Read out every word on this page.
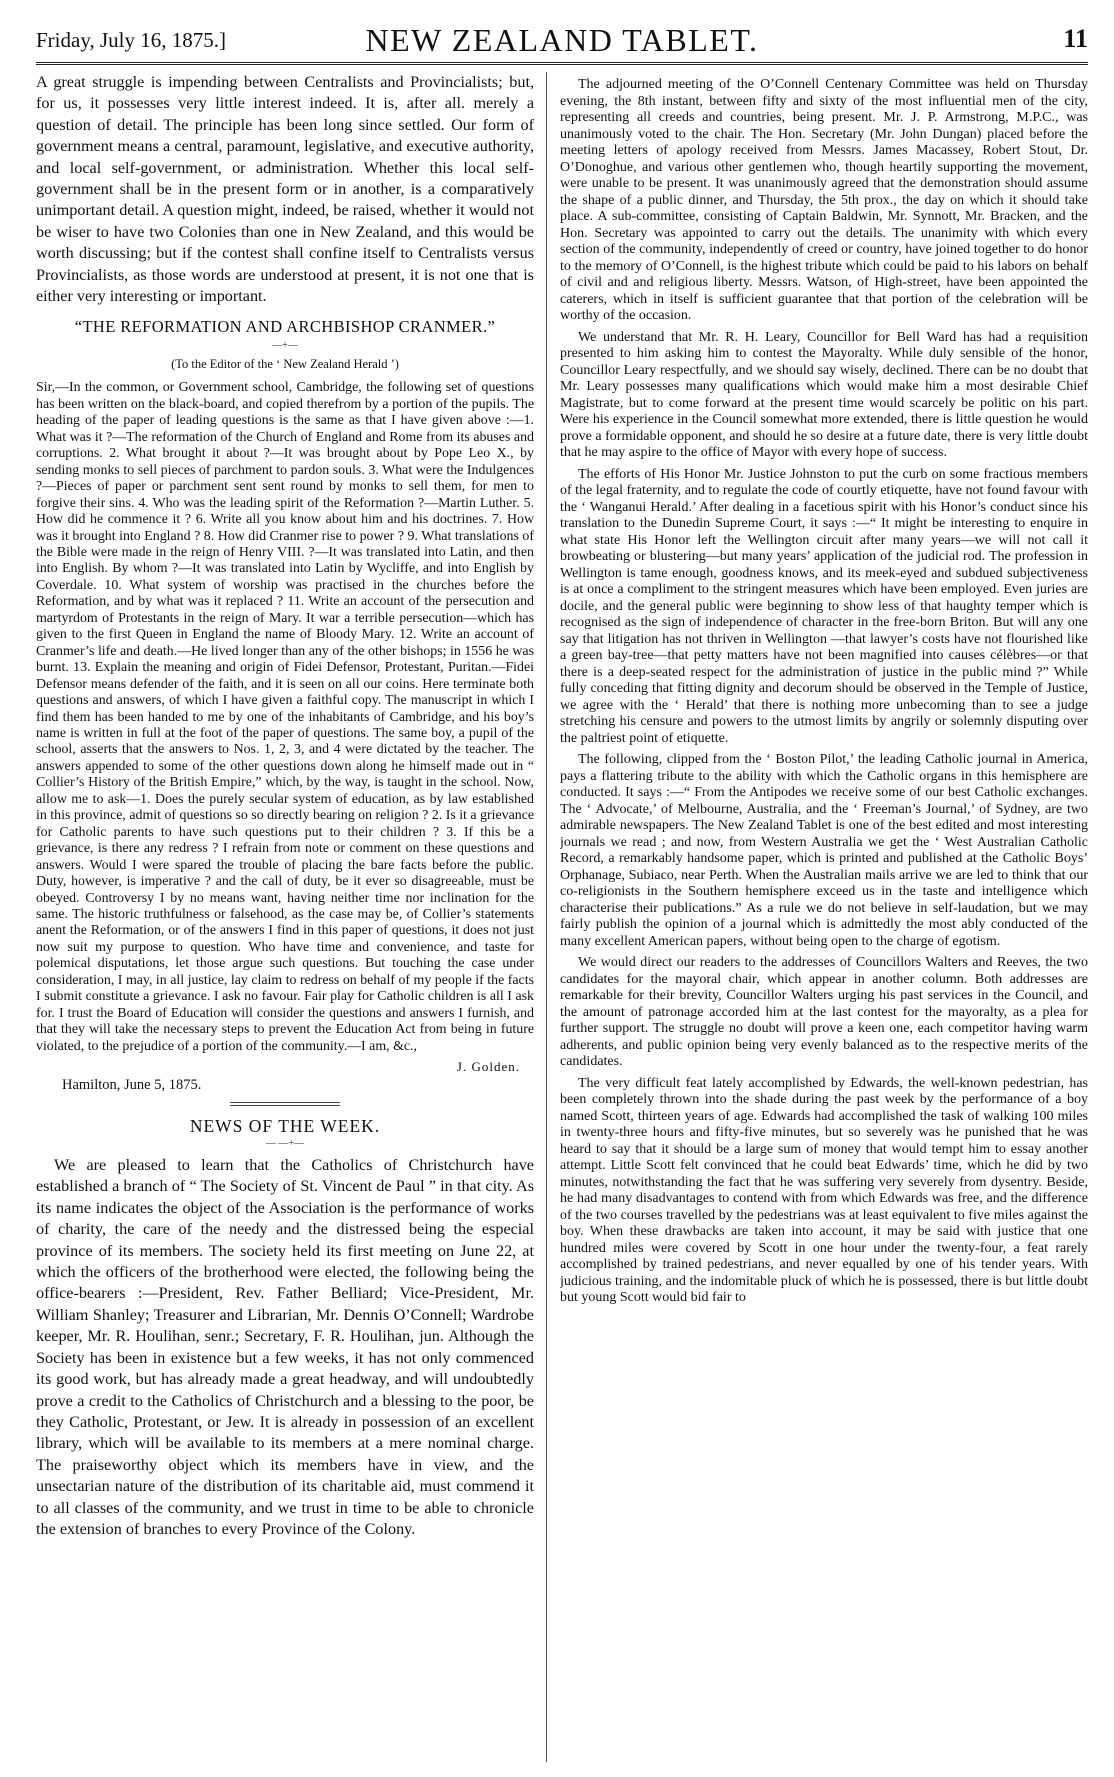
Friday, July 16, 1875.]	NEW ZEALAND TABLET.	11

A great struggle is impending between Centralists and Provincialists; but, for us, it possesses very little interest indeed. It is, after all. merely a question of detail. The principle has been long since settled. Our form of government means a central, paramount, legislative, and executive authority, and local self-government, or administration. Whether this local self-government shall be in the present form or in another, is a comparatively unimportant detail. A question might, indeed, be raised, whether it would not be wiser to have two Colonies than one in New Zealand, and this would be worth discussing; but if the contest shall confine itself to Centralists versus Provincialists, as those words are understood at present, it is not one that is either very interesting or important.

“THE REFORMATION AND ARCHBISHOP CRANMER.”
—+—
(To the Editor of the ‘ New Zealand Herald ’)

Sir,—In the common, or Government school, Cambridge, the following set of questions has been written on the black-board, and copied therefrom by a portion of the pupils. The heading of the paper of leading questions is the same as that I have given above :—1. What was it ?—The reformation of the Church of England and Rome from its abuses and corruptions. 2. What brought it about ?—It was brought about by Pope Leo X., by sending monks to sell pieces of parchment to pardon souls. 3. What were the Indulgences ?—Pieces of paper or parchment sent sent round by monks to sell them, for men to forgive their sins. 4. Who was the leading spirit of the Reformation ?—Martin Luther. 5. How did he commence it ? 6. Write all you know about him and his doctrines. 7. How was it brought into England ? 8. How did Cranmer rise to power ? 9. What translations of the Bible were made in the reign of Henry VIII. ?—It was translated into Latin, and then into English. By whom ?—It was translated into Latin by Wycliffe, and into English by Coverdale. 10. What system of worship was practised in the churches before the Reformation, and by what was it replaced ? 11. Write an account of the persecution and martyrdom of Protestants in the reign of Mary. It war a terrible persecution—which has given to the first Queen in England the name of Bloody Mary. 12. Write an account of Cranmer’s life and death.—He lived longer than any of the other bishops; in 1556 he was burnt. 13. Explain the meaning and origin of Fidei Defensor, Protestant, Puritan.—Fidei Defensor means defender of the faith, and it is seen on all our coins. Here terminate both questions and answers, of which I have given a faithful copy. The manuscript in which I find them has been handed to me by one of the inhabitants of Cambridge, and his boy’s name is written in full at the foot of the paper of questions. The same boy, a pupil of the school, asserts that the answers to Nos. 1, 2, 3, and 4 were dictated by the teacher. The answers appended to some of the other questions down along he himself made out in “ Collier’s History of the British Empire,” which, by the way, is taught in the school. Now, allow me to ask—1. Does the purely secular system of education, as by law established in this province, admit of questions so so directly bearing on religion ? 2. Is it a grievance for Catholic parents to have such questions put to their children ? 3. If this be a grievance, is there any redress ? I refrain from note or comment on these questions and answers. Would I were spared the trouble of placing the bare facts before the public. Duty, however, is imperative ? and the call of duty, be it ever so disagreeable, must be obeyed. Controversy I by no means want, having neither time nor inclination for the same. The historic truthfulness or falsehood, as the case may be, of Collier’s statements anent the Reformation, or of the answers I find in this paper of questions, it does not just now suit my purpose to question. Who have time and convenience, and taste for polemical disputations, let those argue such questions. But touching the case under consideration, I may, in all justice, lay claim to redress on behalf of my people if the facts I submit constitute a grievance. I ask no favour. Fair play for Catholic children is all I ask for. I trust the Board of Education will consider the questions and answers I furnish, and that they will take the necessary steps to prevent the Education Act from being in future violated, to the prejudice of a portion of the community.—I am, &c.,

J. Golden.
Hamilton, June 5, 1875.
NEWS OF THE WEEK.
— —+—

We are pleased to learn that the Catholics of Christchurch have established a branch of “ The Society of St. Vincent de Paul ” in that city. As its name indicates the object of the Association is the performance of works of charity, the care of the needy and the distressed being the especial province of its members. The society held its first meeting on June 22, at which the officers of the brotherhood were elected, the following being the office-bearers :—President, Rev. Father Belliard; Vice-President, Mr. William Shanley; Treasurer and Librarian, Mr. Dennis O’Connell; Wardrobe keeper, Mr. R. Houlihan, senr.; Secretary, F. R. Houlihan, jun. Although the Society has been in existence but a few weeks, it has not only commenced its good work, but has already made a great headway, and will undoubtedly prove a credit to the Catholics of Christchurch and a blessing to the poor, be they Catholic, Protestant, or Jew. It is already in possession of an excellent library, which will be available to its members at a mere nominal charge. The praiseworthy object which its members have in view, and the unsectarian nature of the distribution of its charitable aid, must commend it to all classes of the community, and we trust in time to be able to chronicle the extension of branches to every Province of the Colony.

The adjourned meeting of the O’Connell Centenary Committee was held on Thursday evening, the 8th instant, between fifty and sixty of the most influential men of the city, representing all creeds and countries, being present. Mr. J. P. Armstrong, M.P.C., was unanimously voted to the chair. The Hon. Secretary (Mr. John Dungan) placed before the meeting letters of apology received from Messrs. James Macassey, Robert Stout, Dr. O’Donoghue, and various other gentlemen who, though heartily supporting the movement, were unable to be present. It was unanimously agreed that the demonstration should assume the shape of a public dinner, and Thursday, the 5th prox., the day on which it should take place. A sub-committee, consisting of Captain Baldwin, Mr. Synnott, Mr. Bracken, and the Hon. Secretary was appointed to carry out the details. The unanimity with which every section of the community, independently of creed or country, have joined together to do honor to the memory of O’Connell, is the highest tribute which could be paid to his labors on behalf of civil and and religious liberty. Messrs. Watson, of High-street, have been appointed the caterers, which in itself is sufficient guarantee that that portion of the celebration will be worthy of the occasion.

We understand that Mr. R. H. Leary, Councillor for Bell Ward has had a requisition presented to him asking him to contest the Mayoralty. While duly sensible of the honor, Councillor Leary respectfully, and we should say wisely, declined. There can be no doubt that Mr. Leary possesses many qualifications which would make him a most desirable Chief Magistrate, but to come forward at the present time would scarcely be politic on his part. Were his experience in the Council somewhat more extended, there is little question he would prove a formidable opponent, and should he so desire at a future date, there is very little doubt that he may aspire to the office of Mayor with every hope of success.

The efforts of His Honor Mr. Justice Johnston to put the curb on some fractious members of the legal fraternity, and to regulate the code of courtly etiquette, have not found favour with the ‘ Wanganui Herald.’ After dealing in a facetious spirit with his Honor’s conduct since his translation to the Dunedin Supreme Court, it says :—“ It might be interesting to enquire in what state His Honor left the Wellington circuit after many years—we will not call it browbeating or blustering—but many years’ application of the judicial rod. The profession in Wellington is tame enough, goodness knows, and its meek-eyed and subdued subjectiveness is at once a compliment to the stringent measures which have been employed. Even juries are docile, and the general public were beginning to show less of that haughty temper which is recognised as the sign of independence of character in the free-born Briton. But will any one say that litigation has not thriven in Wellington —that lawyer’s costs have not flourished like a green bay-tree—that petty matters have not been magnified into causes célèbres—or that there is a deep-seated respect for the administration of justice in the public mind ?” While fully conceding that fitting dignity and decorum should be observed in the Temple of Justice, we agree with the ‘ Herald’ that there is nothing more unbecoming than to see a judge stretching his censure and powers to the utmost limits by angrily or solemnly disputing over the paltriest point of etiquette.

The following, clipped from the ‘ Boston Pilot,’ the leading Catholic journal in America, pays a flattering tribute to the ability with which the Catholic organs in this hemisphere are conducted. It says :—“ From the Antipodes we receive some of our best Catholic exchanges. The ‘ Advocate,’ of Melbourne, Australia, and the ‘ Freeman’s Journal,’ of Sydney, are two admirable newspapers. The New Zealand Tablet is one of the best edited and most interesting journals we read ; and now, from Western Australia we get the ‘ West Australian Catholic Record, a remarkably handsome paper, which is printed and published at the Catholic Boys’ Orphanage, Subiaco, near Perth. When the Australian mails arrive we are led to think that our co-religionists in the Southern hemisphere exceed us in the taste and intelligence which characterise their publications.” As a rule we do not believe in self-laudation, but we may fairly publish the opinion of a journal which is admittedly the most ably conducted of the many excellent American papers, without being open to the charge of egotism.

We would direct our readers to the addresses of Councillors Walters and Reeves, the two candidates for the mayoral chair, which appear in another column. Both addresses are remarkable for their brevity, Councillor Walters urging his past services in the Council, and the amount of patronage accorded him at the last contest for the mayoralty, as a plea for further support. The struggle no doubt will prove a keen one, each competitor having warm adherents, and public opinion being very evenly balanced as to the respective merits of the candidates.

The very difficult feat lately accomplished by Edwards, the well-known pedestrian, has been completely thrown into the shade during the past week by the performance of a boy named Scott, thirteen years of age. Edwards had accomplished the task of walking 100 miles in twenty-three hours and fifty-five minutes, but so severely was he punished that he was heard to say that it should be a large sum of money that would tempt him to essay another attempt. Little Scott felt convinced that he could beat Edwards’ time, which he did by two minutes, notwithstanding the fact that he was suffering very severely from dysentry. Beside, he had many disadvantages to contend with from which Edwards was free, and the difference of the two courses travelled by the pedestrians was at least equivalent to five miles against the boy. When these drawbacks are taken into account, it may be said with justice that one hundred miles were covered by Scott in one hour under the twenty-four, a feat rarely accomplished by trained pedestrians, and never equalled by one of his tender years. With judicious training, and the indomitable pluck of which he is possessed, there is but little doubt but young Scott would bid fair to
